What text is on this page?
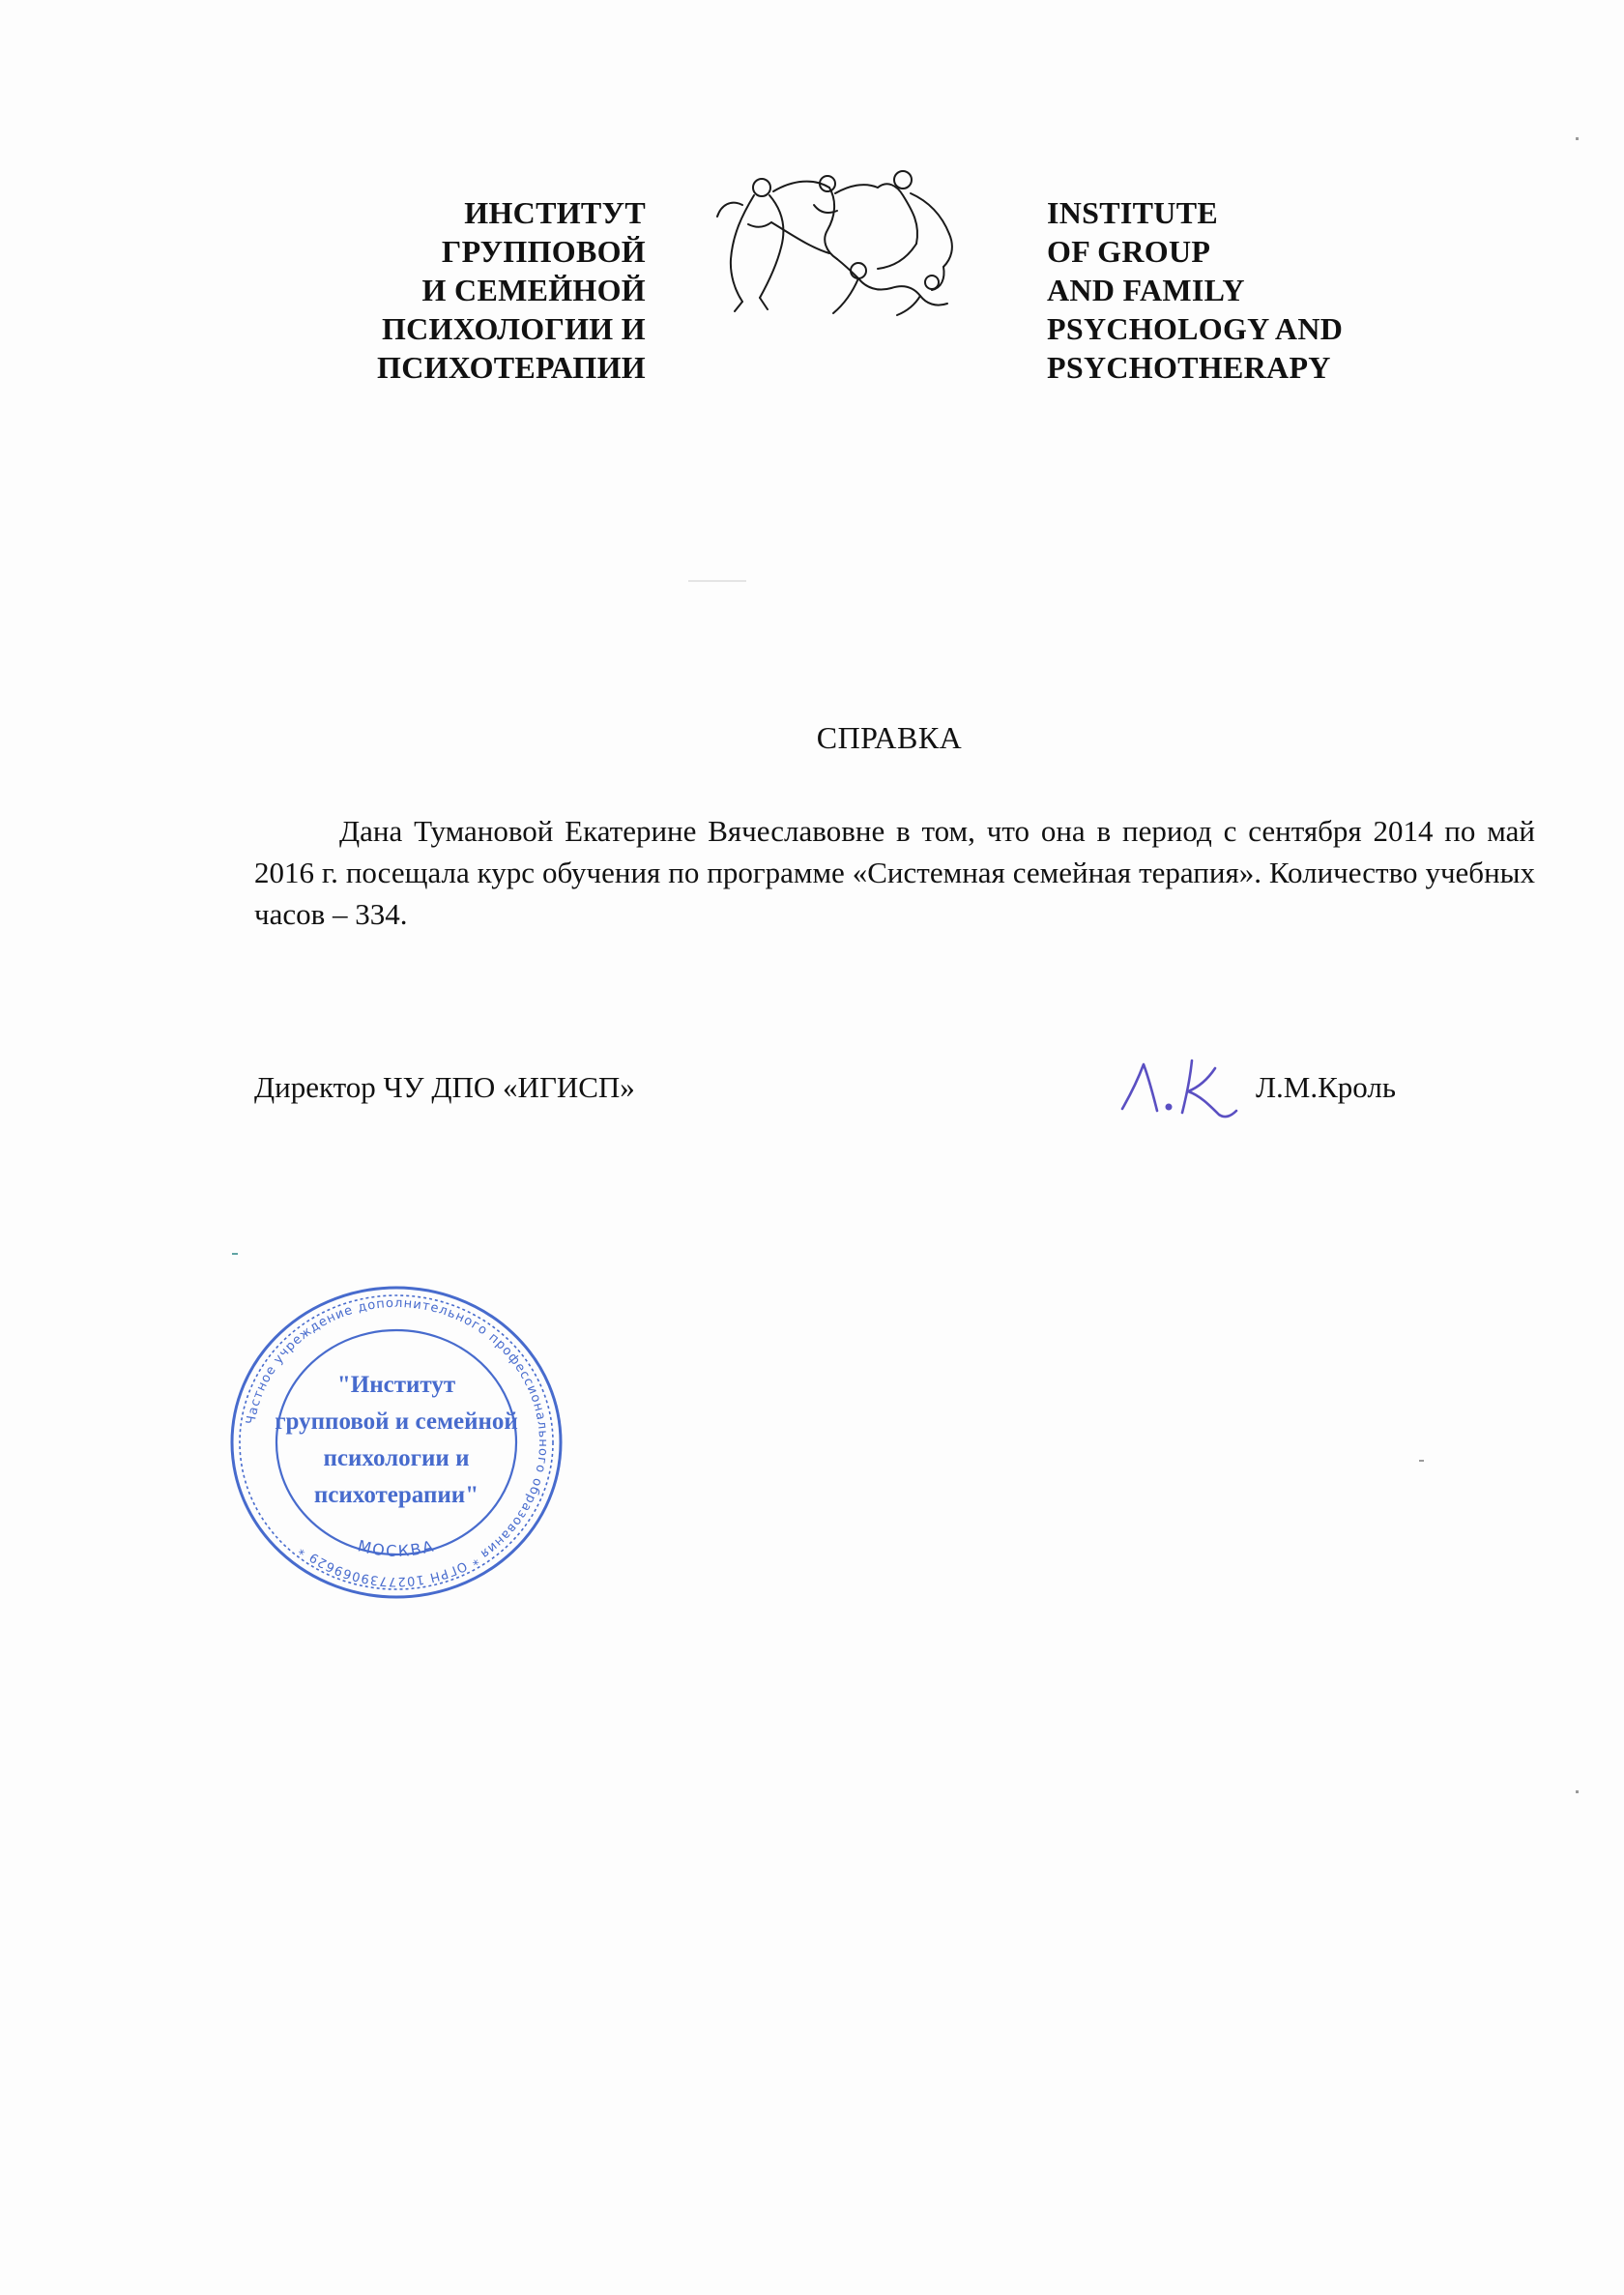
ИНСТИТУТ
ГРУППОВОЙ
И СЕМЕЙНОЙ
ПСИХОЛОГИИ И
ПСИХОТЕРАПИИ
INSTITUTE
OF GROUP
AND FAMILY
PSYCHOLOGY AND
PSYCHOTHERAPY
СПРАВКА

Дана Тумановой Екатерине Вячеславовне в том, что она в период с сентября 2014 по май 2016 г. посещала курс обучения по программе «Системная семейная терапия». Количество учебных часов – 334.

Директор ЧУ ДПО «ИГИСП»	Л.М.Кроль
Частное учреждение дополнительного профессионального образования * ОГРН 1027739069629 *	МОСКВА
"Институт
групповой и семейной
психологии и
психотерапии"
